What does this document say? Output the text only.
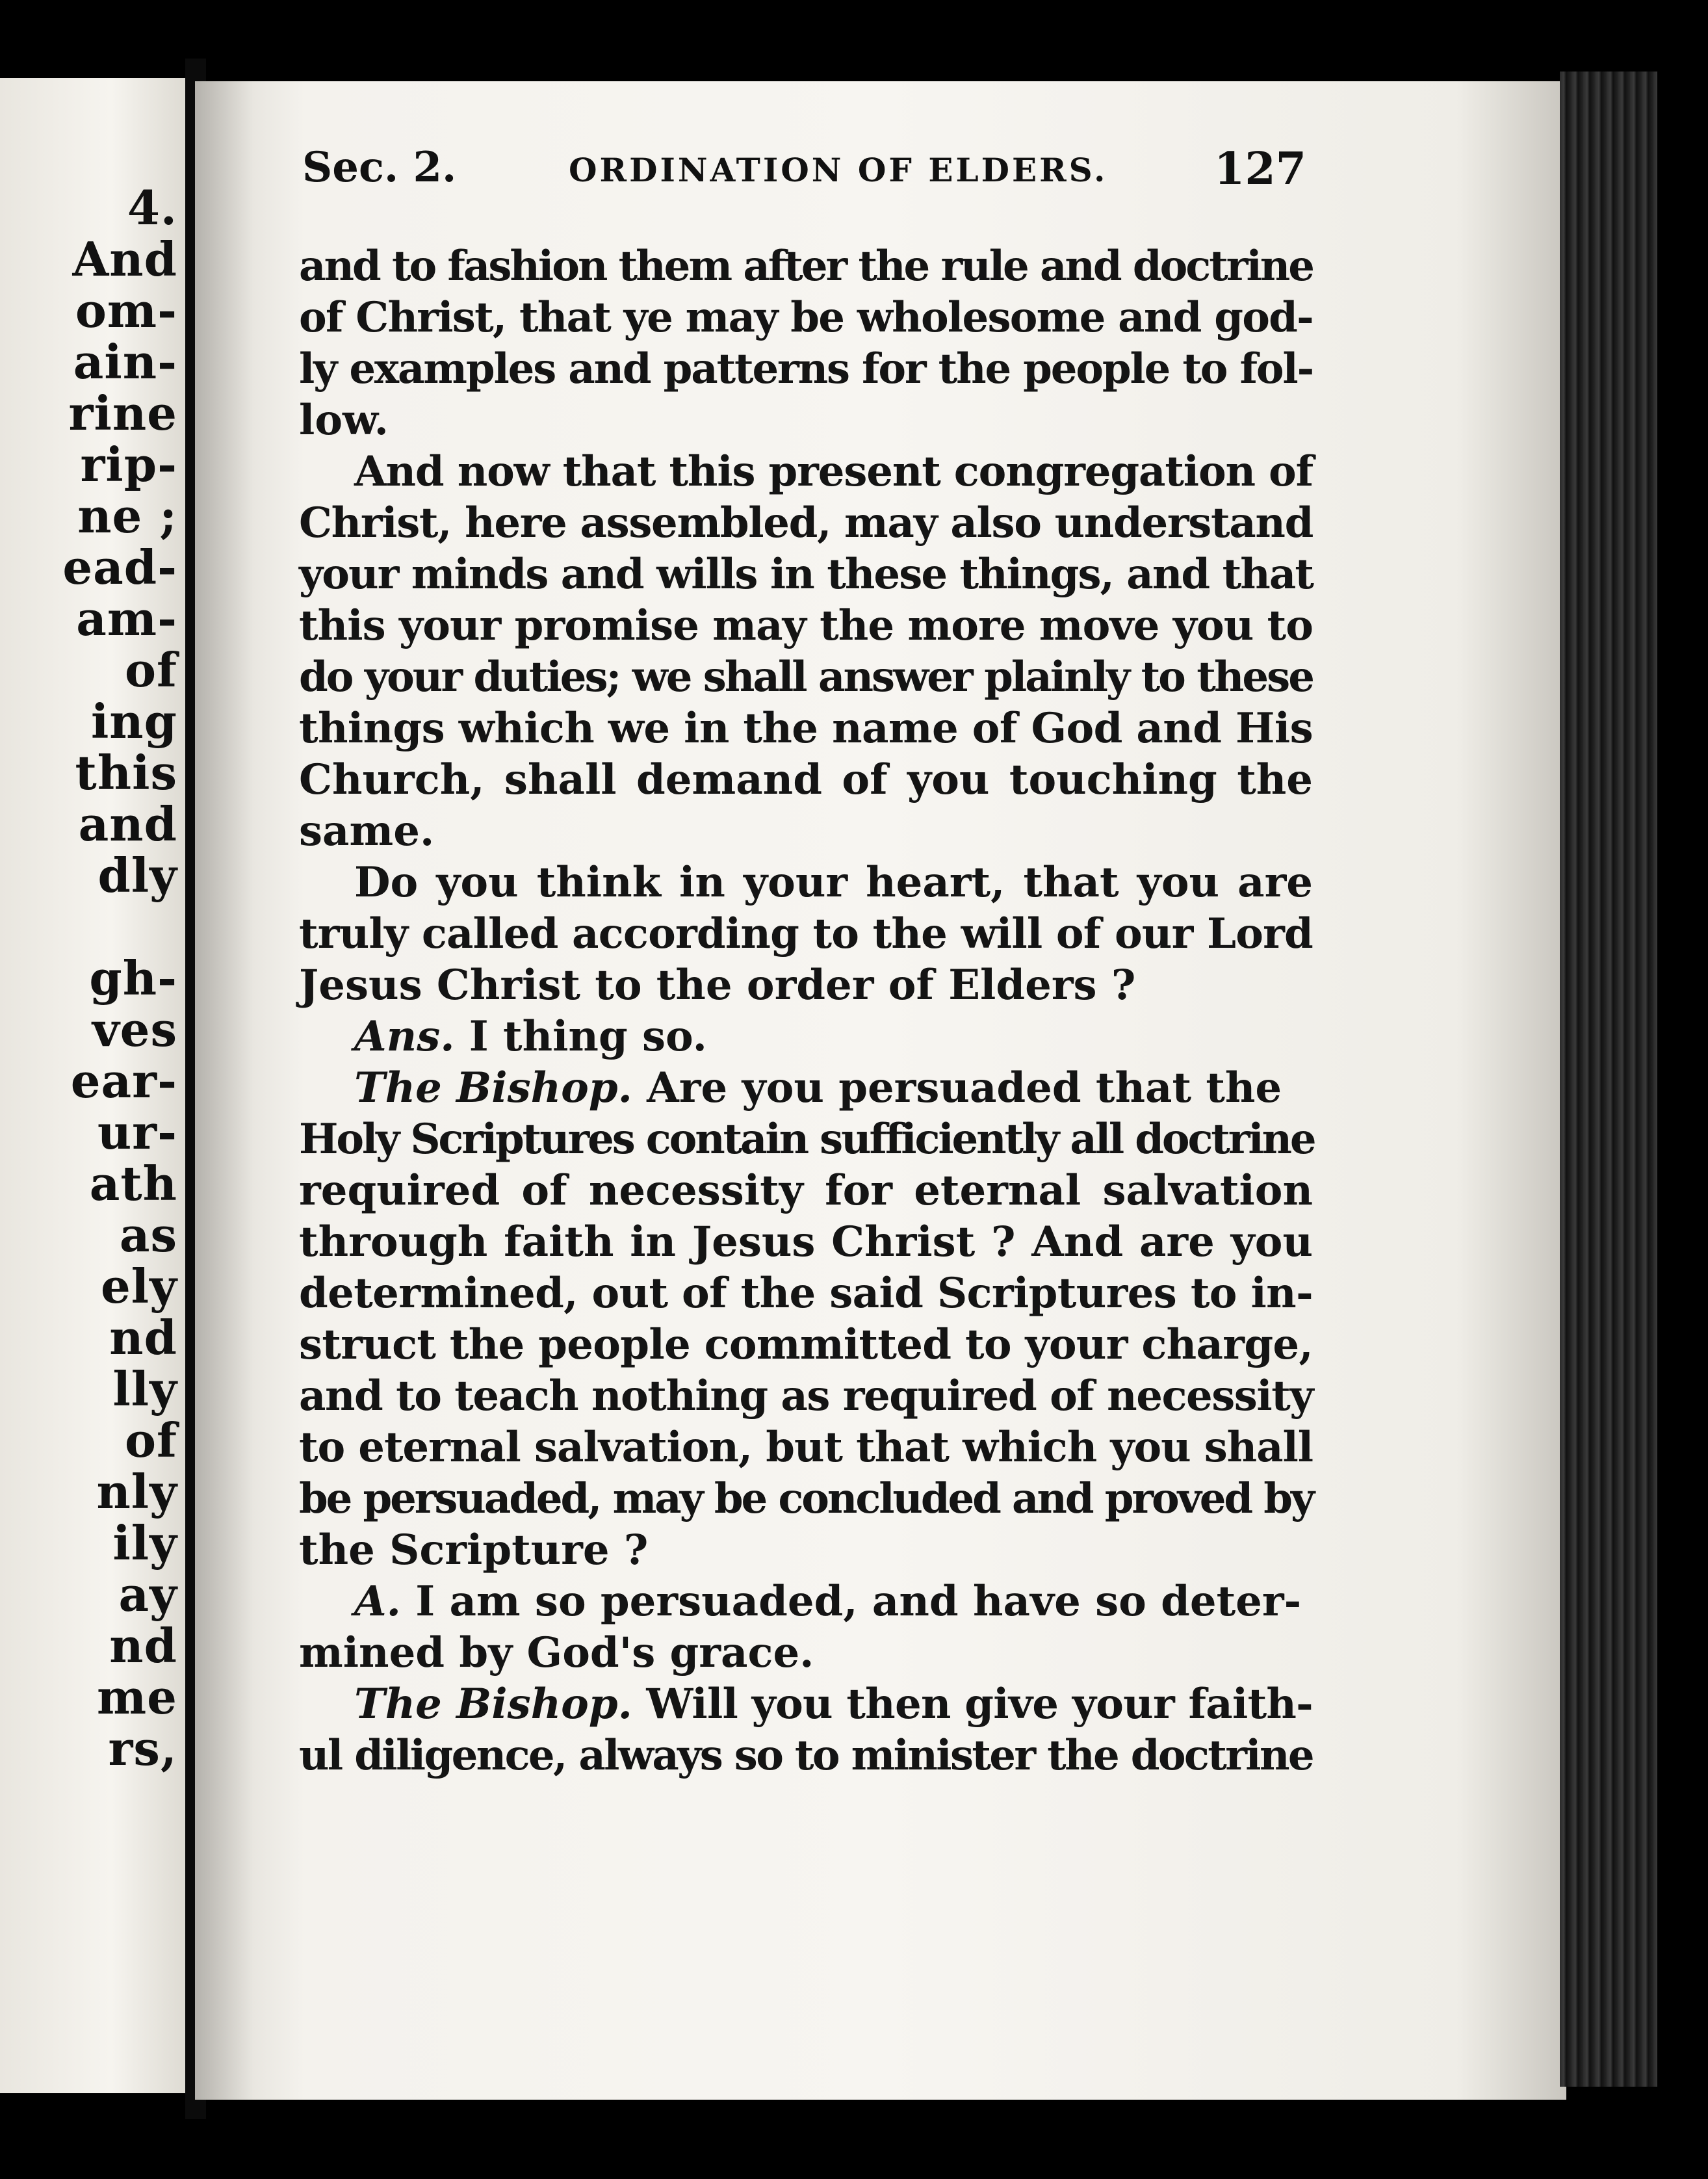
4.
And
om-
ain-
rine
rip-
ne ;
ead-
am-
of
ing
this
and
dly
gh-
ves
ear-
ur-
ath
as
ely
nd
lly
of
nly
ily
ay
nd
me
rs,
Sec. 2.	ORDINATION OF ELDERS. 127
and to fashion them after the rule and doctrine
of Christ, that ye may be wholesome and god-
ly examples and patterns for the people to fol-
low.
And now that this present congregation of
Christ, here assembled, may also understand
your minds and wills in these things, and that
this your promise may the more move you to
do your duties; we shall answer plainly to these
things which we in the name of God and His
Church, shall demand of you touching the
same.
Do you think in your heart, that you are
truly called according to the will of our Lord
Jesus Christ to the order of Elders ?
Ans. I thing so.
The Bishop. Are you persuaded that the
Holy Scriptures contain sufficiently all doctrine
required of necessity for eternal salvation
through faith in Jesus Christ ? And are you
determined, out of the said Scriptures to in-
struct the people committed to your charge,
and to teach nothing as required of necessity
to eternal salvation, but that which you shall
be persuaded, may be concluded and proved by
the Scripture ?
A. I am so persuaded, and have so deter-
mined by God's grace.
The Bishop. Will you then give your faith-
ul diligence, always so to minister the doctrine
